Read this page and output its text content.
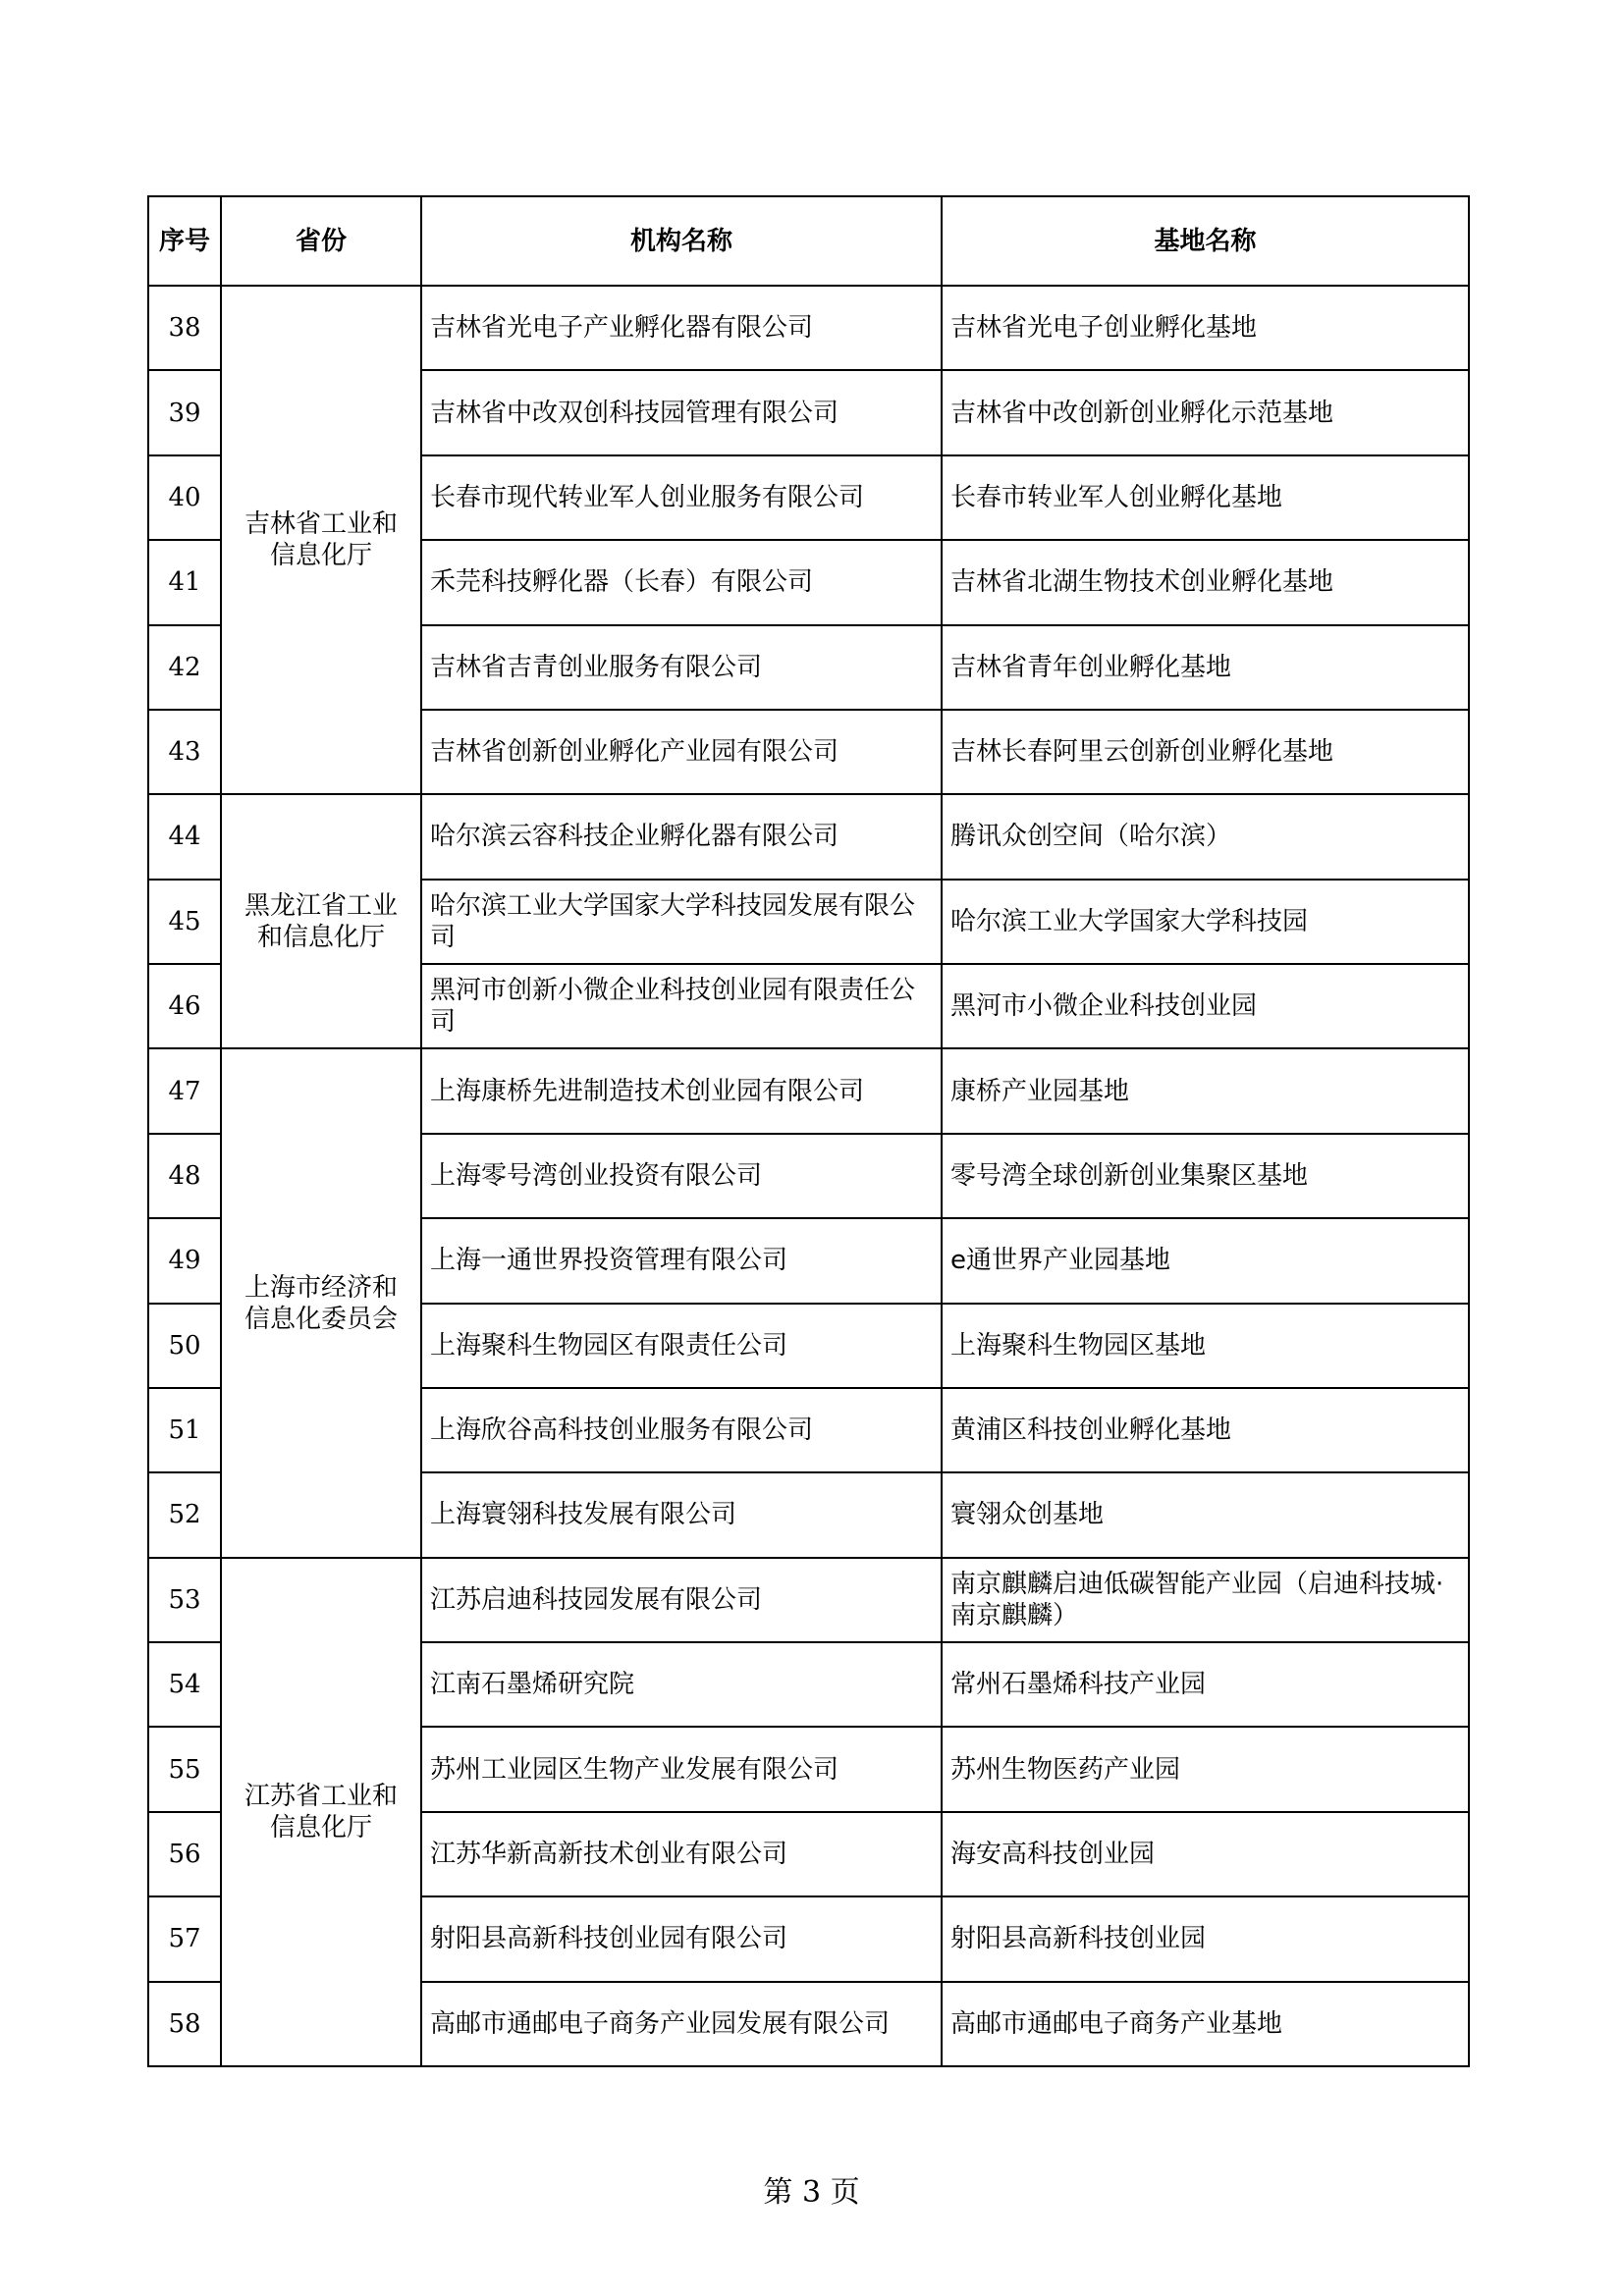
序号	省份	机构名称	基地名称
38	吉林省工业和信息化厅	吉林省光电子产业孵化器有限公司	吉林省光电子创业孵化基地
39		吉林省中改双创科技园管理有限公司	吉林省中改创新创业孵化示范基地
40		长春市现代转业军人创业服务有限公司	长春市转业军人创业孵化基地
41		禾芫科技孵化器（长春）有限公司	吉林省北湖生物技术创业孵化基地
42		吉林省吉青创业服务有限公司	吉林省青年创业孵化基地
43		吉林省创新创业孵化产业园有限公司	吉林长春阿里云创新创业孵化基地
44	黑龙江省工业和信息化厅	哈尔滨云容科技企业孵化器有限公司	腾讯众创空间（哈尔滨）
45		哈尔滨工业大学国家大学科技园发展有限公司	哈尔滨工业大学国家大学科技园
46		黑河市创新小微企业科技创业园有限责任公司	黑河市小微企业科技创业园
47	上海市经济和信息化委员会	上海康桥先进制造技术创业园有限公司	康桥产业园基地
48		上海零号湾创业投资有限公司	零号湾全球创新创业集聚区基地
49		上海一通世界投资管理有限公司	e通世界产业园基地
50		上海聚科生物园区有限责任公司	上海聚科生物园区基地
51		上海欣谷高科技创业服务有限公司	黄浦区科技创业孵化基地
52		上海寰翎科技发展有限公司	寰翎众创基地
53	江苏省工业和信息化厅	江苏启迪科技园发展有限公司	南京麒麟启迪低碳智能产业园（启迪科技城·南京麒麟）
54		江南石墨烯研究院	常州石墨烯科技产业园
55		苏州工业园区生物产业发展有限公司	苏州生物医药产业园
56		江苏华新高新技术创业有限公司	海安高科技创业园
57		射阳县高新科技创业园有限公司	射阳县高新科技创业园
58		高邮市通邮电子商务产业园发展有限公司	高邮市通邮电子商务产业基地
第 3 页
